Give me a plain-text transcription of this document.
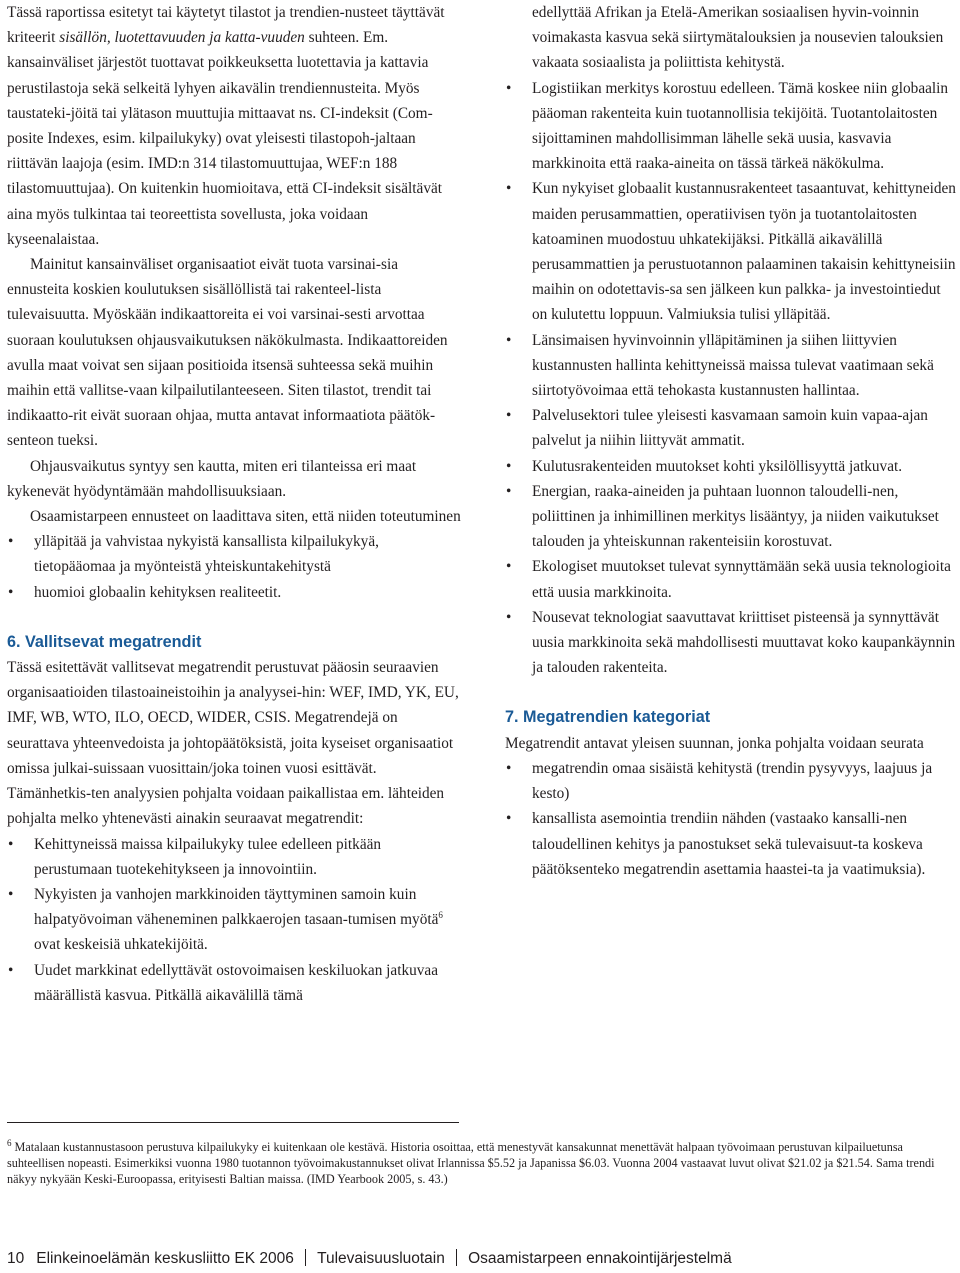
Tässä raportissa esitetyt tai käytetyt tilastot ja trendien-nusteet täyttävät kriteerit sisällön, luotettavuuden ja katta-vuuden suhteen. Em. kansainväliset järjestöt tuottavat poikkeuksetta luotettavia ja kattavia perustilastoja sekä selkeitä lyhyen aikavälin trendiennusteita. Myös taustateki-jöitä tai ylätason muuttujia mittaavat ns. CI-indeksit (Com-posite Indexes, esim. kilpailukyky) ovat yleisesti tilastopoh-jaltaan riittävän laajoja (esim. IMD:n 314 tilastomuuttujaa, WEF:n 188 tilastomuuttujaa). On kuitenkin huomioitava, että CI-indeksit sisältävät aina myös tulkintaa tai teoreettista sovellusta, joka voidaan kyseenalaistaa.

Mainitut kansainväliset organisaatiot eivät tuota varsinai-sia ennusteita koskien koulutuksen sisällöllistä tai rakenteel-lista tulevaisuutta. Myöskään indikaattoreita ei voi varsinai-sesti arvottaa suoraan koulutuksen ohjausvaikutuksen näkökulmasta. Indikaattoreiden avulla maat voivat sen sijaan positioida itsensä suhteessa sekä muihin maihin että vallitse-vaan kilpailutilanteeseen. Siten tilastot, trendit tai indikaatto-rit eivät suoraan ohjaa, mutta antavat informaatiota päätök-senteon tueksi.

Ohjausvaikutus syntyy sen kautta, miten eri tilanteissa eri maat kykenevät hyödyntämään mahdollisuuksiaan.

Osaamistarpeen ennusteet on laadittava siten, että niiden toteutuminen

• ylläpitää ja vahvistaa nykyistä kansallista kilpailukykyä, tietopääomaa ja myönteistä yhteiskuntakehitystä
• huomioi globaalin kehityksen realiteetit.

6. Vallitsevat megatrendit

Tässä esitettävät vallitsevat megatrendit perustuvat pääosin seuraavien organisaatioiden tilastoaineistoihin ja analyysei-hin: WEF, IMD, YK, EU, IMF, WB, WTO, ILO, OECD, WIDER, CSIS. Megatrendejä on seurattava yhteenvedoista ja johtopäätöksistä, joita kyseiset organisaatiot omissa julkai-suissaan vuosittain/joka toinen vuosi esittävät. Tämänhetkis-ten analyysien pohjalta voidaan paikallistaa em. lähteiden pohjalta melko yhtenevästi ainakin seuraavat megatrendit:

• Kehittyneissä maissa kilpailukyky tulee edelleen pitkään perustumaan tuotekehitykseen ja innovointiin.
• Nykyisten ja vanhojen markkinoiden täyttyminen samoin kuin halpatyövoiman väheneminen palkkaerojen tasaan-tumisen myötä$^6$ ovat keskeisiä uhkatekijöitä.
• Uudet markkinat edellyttävät ostovoimaisen keskiluokan jatkuvaa määrällistä kasvua. Pitkällä aikavälillä tämä

edellyttää Afrikan ja Etelä-Amerikan sosiaalisen hyvin-voinnin voimakasta kasvua sekä siirtymätalouksien ja nousevien talouksien vakaata sosiaalista ja poliittista kehitystä.

• Logistiikan merkitys korostuu edelleen. Tämä koskee niin globaalin pääoman rakenteita kuin tuotannollisia tekijöitä. Tuotantolaitosten sijoittaminen mahdollisimman lähelle sekä uusia, kasvavia markkinoita että raaka-aineita on tässä tärkeä näkökulma.
• Kun nykyiset globaalit kustannusrakenteet tasaantuvat, kehittyneiden maiden perusammattien, operatiivisen työn ja tuotantolaitosten katoaminen muodostuu uhkatekijäksi. Pitkällä aikavälillä perusammattien ja perustuotannon palaaminen takaisin kehittyneisiin maihin on odotettavis-sa sen jälkeen kun palkka- ja investointiedut on kulutettu loppuun. Valmiuksia tulisi ylläpitää.
• Länsimaisen hyvinvoinnin ylläpitäminen ja siihen liittyvien kustannusten hallinta kehittyneissä maissa tulevat vaatimaan sekä siirtotyövoimaa että tehokasta kustannusten hallintaa.
• Palvelusektori tulee yleisesti kasvamaan samoin kuin vapaa-ajan palvelut ja niihin liittyvät ammatit.
• Kulutusrakenteiden muutokset kohti yksilöllisyyttä jatkuvat.
• Energian, raaka-aineiden ja puhtaan luonnon taloudelli-nen, poliittinen ja inhimillinen merkitys lisääntyy, ja niiden vaikutukset talouden ja yhteiskunnan rakenteisiin korostuvat.
• Ekologiset muutokset tulevat synnyttämään sekä uusia teknologioita että uusia markkinoita.
• Nousevat teknologiat saavuttavat kriittiset pisteensä ja synnyttävät uusia markkinoita sekä mahdollisesti muuttavat koko kaupankäynnin ja talouden rakenteita.

7. Megatrendien kategoriat

Megatrendit antavat yleisen suunnan, jonka pohjalta voidaan seurata

• megatrendin omaa sisäistä kehitystä (trendin pysyvyys, laajuus ja kesto)
• kansallista asemointia trendiin nähden (vastaako kansalli-nen taloudellinen kehitys ja panostukset sekä tulevaisuut-ta koskeva päätöksenteko megatrendin asettamia haastei-ta ja vaatimuksia).

$^6$ Matalaan kustannustasoon perustuva kilpailukyky ei kuitenkaan ole kestävä. Historia osoittaa, että menestyvät kansakunnat menettävät halpaan työvoimaan perustuvan kilpailuetunsa suhteellisen nopeasti. Esimerkiksi vuonna 1980 tuotannon työvoimakustannukset olivat Irlannissa $5.52 ja Japanissa $6.03. Vuonna 2004 vastaavat luvut olivat $21.02 ja $21.54. Sama trendi näkyy nykyään Keski-Euroopassa, erityisesti Baltian maissa. (IMD Yearbook 2005, s. 43.)

10 Elinkeinoelämän keskusliitto EK 2006 Tulevaisuusluotain Osaamistarpeen ennakointijärjestelmä
